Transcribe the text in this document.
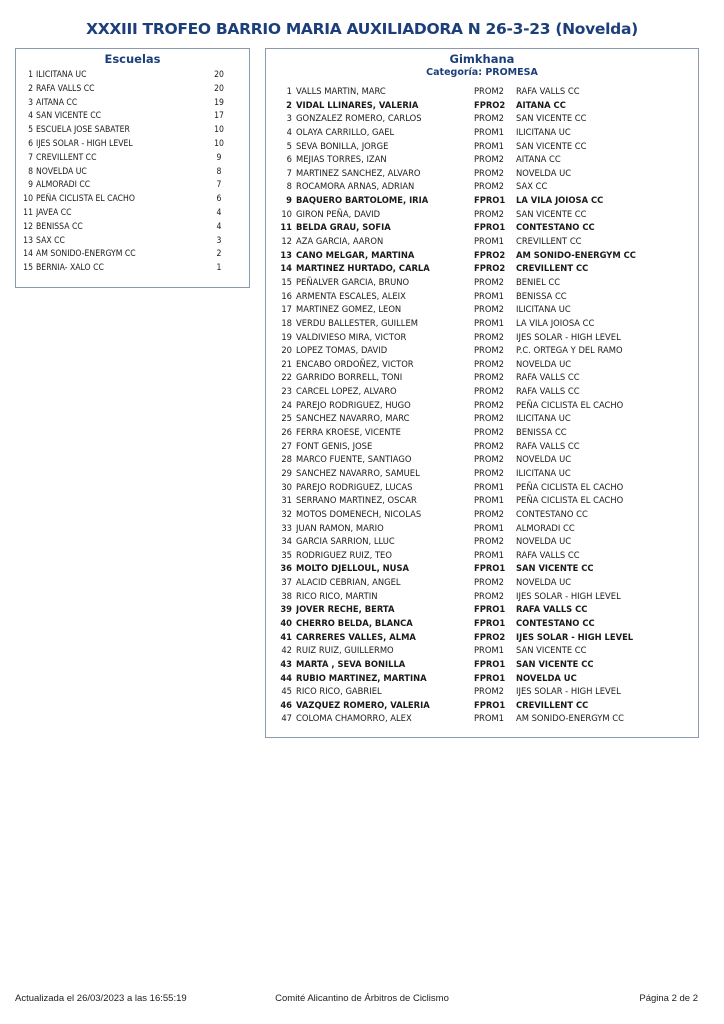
XXXIII TROFEO BARRIO MARIA AUXILIADORA N 26-3-23 (Novelda)
Escuelas
1 ILICITANA UC	20
2 RAFA VALLS CC	20
3 AITANA CC	19
4 SAN VICENTE CC	17
5 ESCUELA JOSE SABATER	10
6 IJES SOLAR - HIGH LEVEL	10
7 CREVILLENT CC	9
8 NOVELDA UC	8
9 ALMORADI CC	7
10 PEÑA CICLISTA EL CACHO	6
11 JAVEA CC	4
12 BENISSA CC	4
13 SAX CC	3
14 AM SONIDO-ENERGYM CC	2
15 BERNIA- XALO CC	1
Gimkhana
Categoría: PROMESA
1 VALLS MARTIN, MARC	PROM2	RAFA VALLS CC
2 VIDAL LLINARES, VALERIA	FPRO2	AITANA CC
3 GONZALEZ ROMERO, CARLOS	PROM2	SAN VICENTE CC
4 OLAYA CARRILLO, GAEL	PROM1	ILICITANA UC
5 SEVA BONILLA, JORGE	PROM1	SAN VICENTE CC
6 MEJIAS TORRES, IZAN	PROM2	AITANA CC
7 MARTINEZ SANCHEZ, ALVARO	PROM2	NOVELDA UC
8 ROCAMORA ARNAS, ADRIAN	PROM2	SAX CC
9 BAQUERO BARTOLOME, IRIA	FPRO1	LA VILA JOIOSA CC
10 GIRON PEÑA, DAVID	PROM2	SAN VICENTE CC
11 BELDA GRAU, SOFIA	FPRO1	CONTESTANO CC
12 AZA GARCIA, AARON	PROM1	CREVILLENT CC
13 CANO MELGAR, MARTINA	FPRO2	AM SONIDO-ENERGYM CC
14 MARTINEZ HURTADO, CARLA	FPRO2	CREVILLENT CC
15 PEÑALVER GARCIA, BRUNO	PROM2	BENIEL CC
16 ARMENTA ESCALES, ALEIX	PROM1	BENISSA CC
17 MARTINEZ GOMEZ, LEON	PROM2	ILICITANA UC
18 VERDU BALLESTER, GUILLEM	PROM1	LA VILA JOIOSA CC
19 VALDIVIESO MIRA, VICTOR	PROM2	IJES SOLAR - HIGH LEVEL
20 LOPEZ TOMAS, DAVID	PROM2	P.C. ORTEGA Y DEL RAMO
21 ENCABO ORDOÑEZ, VICTOR	PROM2	NOVELDA UC
22 GARRIDO BORRELL, TONI	PROM2	RAFA VALLS CC
23 CARCEL LOPEZ, ALVARO	PROM2	RAFA VALLS CC
24 PAREJO RODRIGUEZ, HUGO	PROM2	PEÑA CICLISTA EL CACHO
25 SANCHEZ NAVARRO, MARC	PROM2	ILICITANA UC
26 FERRA KROESE, VICENTE	PROM2	BENISSA CC
27 FONT GENIS, JOSE	PROM2	RAFA VALLS CC
28 MARCO FUENTE, SANTIAGO	PROM2	NOVELDA UC
29 SANCHEZ NAVARRO, SAMUEL	PROM2	ILICITANA UC
30 PAREJO RODRIGUEZ, LUCAS	PROM1	PEÑA CICLISTA EL CACHO
31 SERRANO MARTINEZ, OSCAR	PROM1	PEÑA CICLISTA EL CACHO
32 MOTOS DOMENECH, NICOLAS	PROM2	CONTESTANO CC
33 JUAN RAMON, MARIO	PROM1	ALMORADI CC
34 GARCIA SARRION, LLUC	PROM2	NOVELDA UC
35 RODRIGUEZ RUIZ, TEO	PROM1	RAFA VALLS CC
36 MOLTO DJELLOUL, NUSA	FPRO1	SAN VICENTE CC
37 ALACID CEBRIAN, ANGEL	PROM2	NOVELDA UC
38 RICO RICO, MARTIN	PROM2	IJES SOLAR - HIGH LEVEL
39 JOVER RECHE, BERTA	FPRO1	RAFA VALLS CC
40 CHERRO BELDA, BLANCA	FPRO1	CONTESTANO CC
41 CARRERES VALLES, ALMA	FPRO2	IJES SOLAR - HIGH LEVEL
42 RUIZ RUIZ, GUILLERMO	PROM1	SAN VICENTE CC
43 MARTA , SEVA BONILLA	FPRO1	SAN VICENTE CC
44 RUBIO MARTINEZ, MARTINA	FPRO1	NOVELDA UC
45 RICO RICO, GABRIEL	PROM2	IJES SOLAR - HIGH LEVEL
46 VAZQUEZ ROMERO, VALERIA	FPRO1	CREVILLENT CC
47 COLOMA CHAMORRO, ALEX	PROM1	AM SONIDO-ENERGYM CC
Actualizada el 26/03/2023 a las 16:55:19	Comité Alicantino de Árbitros de Ciclismo	Página 2 de 2
